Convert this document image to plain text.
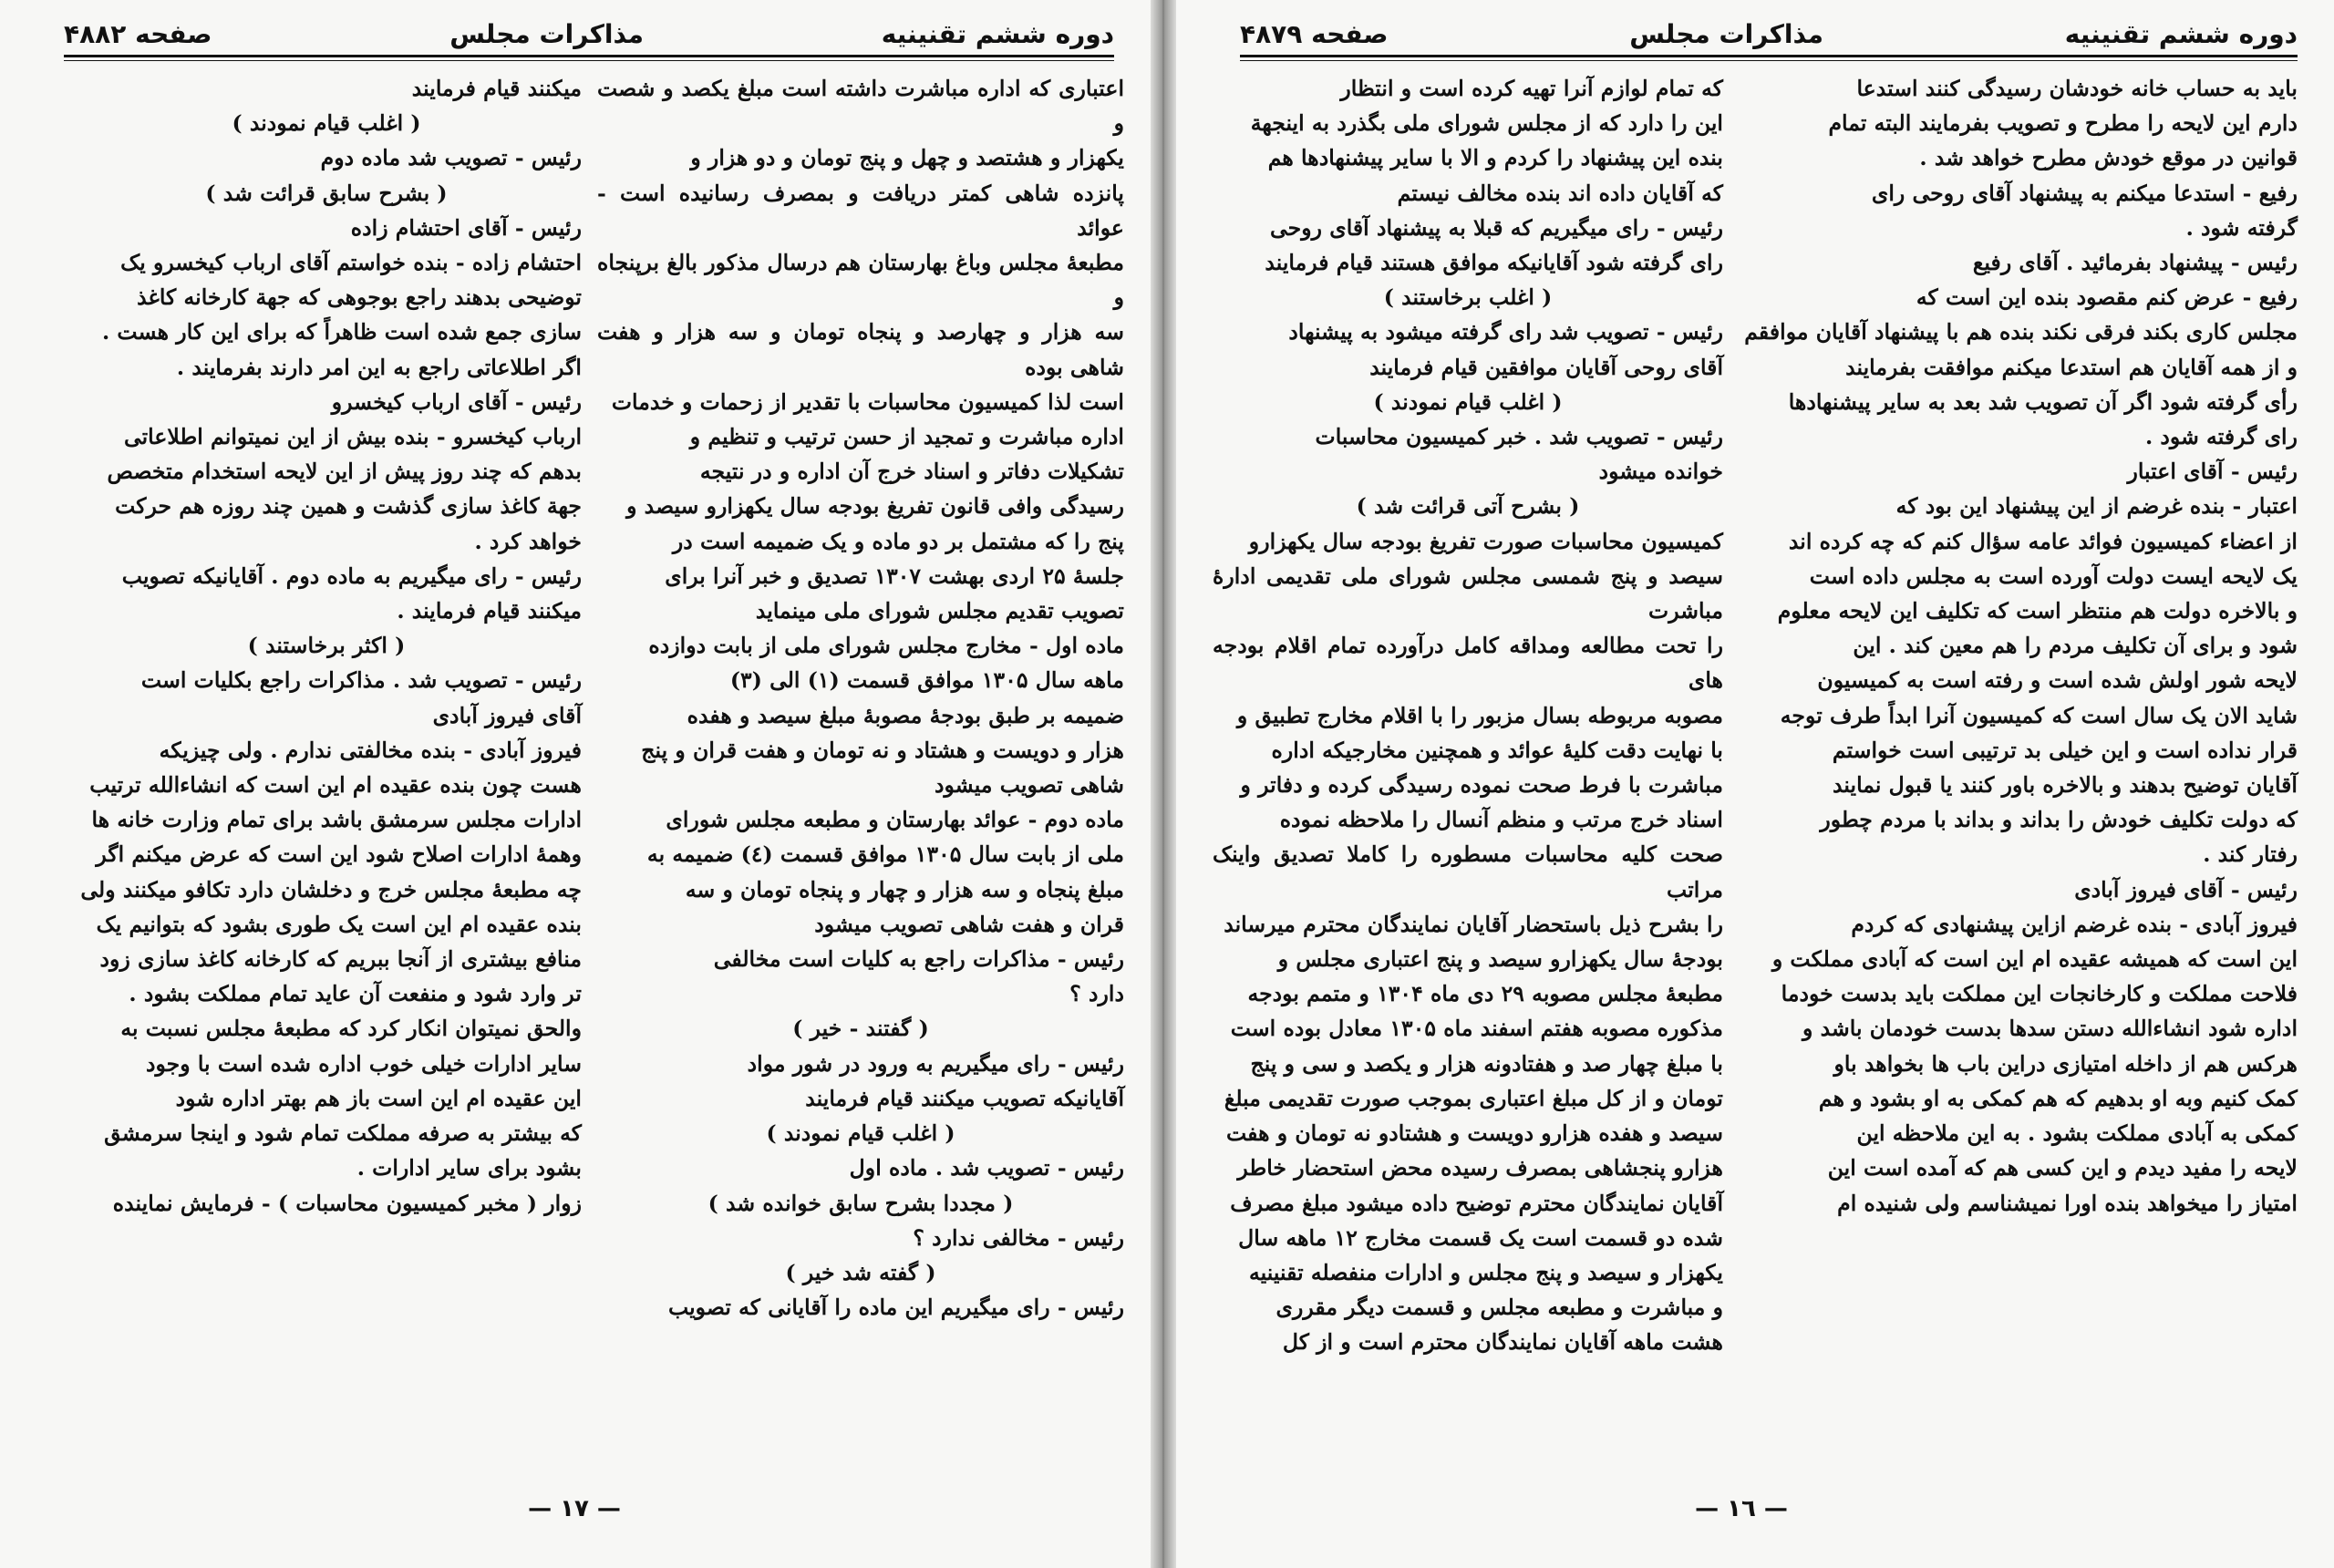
دوره ششم تقنینیه
مذاکرات مجلس
صفحه ۴۸۸۲

اعتباری که اداره مباشرت داشته است مبلغ یکصد و شصت و

یکهزار و هشتصد و چهل و پنج تومان و دو هزار و

پانزده شاهی کمتر دریافت و بمصرف رسانیده است - عوائد

مطبعهٔ مجلس وباغ بهارستان هم درسال مذکور بالغ برپنجاه و

سه هزار و چهارصد و پنجاه تومان و سه هزار و هفت شاهی بوده

است لذا کمیسیون محاسبات با تقدیر از زحمات و خدمات

اداره مباشرت و تمجید از حسن ترتیب و تنظیم و

تشکیلات دفاتر و اسناد خرج آن اداره و در نتیجه

رسیدگی وافی قانون تفریغ بودجه سال یکهزارو سیصد و

پنج را که مشتمل بر دو ماده و یک ضمیمه است در

جلسهٔ ۲۵ اردی بهشت ۱۳۰۷ تصدیق و خبر آنرا برای

تصویب تقدیم مجلس شورای ملی مینماید

ماده اول - مخارج مجلس شورای ملی از بابت دوازده

ماهه سال ۱۳۰۵ موافق قسمت (۱) الی (۳)

ضمیمه بر طبق بودجهٔ مصوبهٔ مبلغ سیصد و هفده

هزار و دویست و هشتاد و نه تومان و هفت قران و پنج

شاهی تصویب میشود

ماده دوم - عوائد بهارستان و مطبعه مجلس شورای

ملی از بابت سال ۱۳۰۵ موافق قسمت (٤) ضمیمه به

مبلغ پنجاه و سه هزار و چهار و پنجاه تومان و سه

قران و هفت شاهی تصویب میشود

رئیس - مذاکرات راجع به کلیات است مخالفی

دارد ؟

( گفتند - خیر )

رئیس - رای میگیریم به ورود در شور مواد

آقایانیکه تصویب میکنند قیام فرمایند

( اغلب قیام نمودند )

رئیس - تصویب شد . ماده اول

( مجددا بشرح سابق خوانده شد )

رئیس - مخالفی ندارد ؟

( گفته شد خیر )

رئیس - رای میگیریم این ماده را آقایانی که تصویب

میکنند قیام فرمایند

( اغلب قیام نمودند )

رئیس - تصویب شد ماده دوم

( بشرح سابق قرائت شد )

رئیس - آقای احتشام زاده

احتشام زاده - بنده خواستم آقای ارباب کیخسرو یک

توضیحی بدهند راجع بوجوهی که جهة کارخانه کاغذ

سازی جمع شده است ظاهراً که برای این کار هست .

اگر اطلاعاتی راجع به این امر دارند بفرمایند .

رئیس - آقای ارباب کیخسرو

ارباب کیخسرو - بنده بیش از این نمیتوانم اطلاعاتی

بدهم که چند روز پیش از این لایحه استخدام متخصص

جهة کاغذ سازی گذشت و همین چند روزه هم حرکت

خواهد کرد .

رئیس - رای میگیریم به ماده دوم . آقایانیکه تصویب

میکنند قیام فرمایند .

( اکثر برخاستند )

رئیس - تصویب شد . مذاکرات راجع بکلیات است

آقای فیروز آبادی

فیروز آبادی - بنده مخالفتی ندارم . ولی چیزیکه

هست چون بنده عقیده ام این است که انشاءالله ترتیب

ادارات مجلس سرمشق باشد برای تمام وزارت خانه ها

وهمهٔ ادارات اصلاح شود این است که عرض میکنم اگر

چه مطبعهٔ مجلس خرج و دخلشان دارد تکافو میکنند ولی

بنده عقیده ام این است یک طوری بشود که بتوانیم یک

منافع بیشتری از آنجا ببریم که کارخانه کاغذ سازی زود

تر وارد شود و منفعت آن عاید تمام مملکت بشود .

والحق نمیتوان انکار کرد که مطبعهٔ مجلس نسبت به

سایر ادارات خیلی خوب اداره شده است با وجود

این عقیده ام این است باز هم بهتر اداره شود

که بیشتر به صرفه مملکت تمام شود و اینجا سرمشق

بشود برای سایر ادارات .

زوار ( مخبر کمیسیون محاسبات ) - فرمایش نماینده

— ١٧ —
دوره ششم تقنینیه
مذاکرات مجلس
صفحه ۴۸۷۹

باید به حساب خانه خودشان رسیدگی کنند استدعا

دارم این لایحه را مطرح و تصویب بفرمایند البته تمام

قوانین در موقع خودش مطرح خواهد شد .

رفیع - استدعا میکنم به پیشنهاد آقای روحی رای

گرفته شود .

رئیس - پیشنهاد بفرمائید . آقای رفیع

رفیع - عرض کنم مقصود بنده این است که

مجلس کاری بکند فرقی نکند بنده هم با پیشنهاد آقایان موافقم

و از همه آقایان هم استدعا میکنم موافقت بفرمایند

رأی گرفته شود اگر آن تصویب شد بعد به سایر پیشنهادها

رای گرفته شود .

رئیس - آقای اعتبار

اعتبار - بنده غرضم از این پیشنهاد این بود که

از اعضاء کمیسیون فوائد عامه سؤال کنم که چه کرده اند

یک لایحه ایست دولت آورده است به مجلس داده است

و بالاخره دولت هم منتظر است که تکلیف این لایحه معلوم

شود و برای آن تکلیف مردم را هم معین کند . این

لایحه شور اولش شده است و رفته است به کمیسیون

شاید الان یک سال است که کمیسیون آنرا ابداً طرف توجه

قرار نداده است و این خیلی بد ترتیبی است خواستم

آقایان توضیح بدهند و بالاخره باور کنند یا قبول نمایند

که دولت تکلیف خودش را بداند و بداند با مردم چطور

رفتار کند .

رئیس - آقای فیروز آبادی

فیروز آبادی - بنده غرضم ازاین پیشنهادی که کردم

این است که همیشه عقیده ام این است که آبادی مملکت و

فلاحت مملکت و کارخانجات این مملکت باید بدست خودما

اداره شود انشاءالله دستن سدها بدست خودمان باشد و

هرکس هم از داخله امتیازی دراین باب ها بخواهد باو

کمک کنیم وبه او بدهیم که هم کمکی به او بشود و هم

کمکی به آبادی مملکت بشود . به این ملاحظه این

لایحه را مفید دیدم و این کسی هم که آمده است این

امتیاز را میخواهد بنده اورا نمیشناسم ولی شنیده ام

که تمام لوازم آنرا تهیه کرده است و انتظار

این را دارد که از مجلس شورای ملی بگذرد به اینجهة

بنده این پیشنهاد را کردم و الا با سایر پیشنهادها هم

که آقایان داده اند بنده مخالف نیستم

رئیس - رای میگیریم که قبلا به پیشنهاد آقای روحی

رای گرفته شود آقایانیکه موافق هستند قیام فرمایند

( اغلب برخاستند )

رئیس - تصویب شد رای گرفته میشود به پیشنهاد

آقای روحی آقایان موافقین قیام فرمایند

( اغلب قیام نمودند )

رئیس - تصویب شد . خبر کمیسیون محاسبات

خوانده میشود

( بشرح آتی قرائت شد )

کمیسیون محاسبات صورت تفریغ بودجه سال یکهزارو

سیصد و پنج شمسی مجلس شورای ملی تقدیمی ادارهٔ مباشرت

را تحت مطالعه ومداقه کامل درآورده تمام اقلام بودجه های

مصوبه مربوطه بسال مزبور را با اقلام مخارج تطبیق و

با نهایت دقت کلیهٔ عوائد و همچنین مخارجیکه اداره

مباشرت با فرط صحت نموده رسیدگی کرده و دفاتر و

اسناد خرج مرتب و منظم آنسال را ملاحظه نموده

صحت کلیه محاسبات مسطوره را کاملا تصدیق واینک مراتب

را بشرح ذیل باستحضار آقایان نمایندگان محترم میرساند

بودجهٔ سال یکهزارو سیصد و پنج اعتباری مجلس و

مطبعهٔ مجلس مصوبه ۲۹ دی ماه ۱۳۰۴ و متمم بودجه

مذکوره مصوبه هفتم اسفند ماه ۱۳۰۵ معادل بوده است

با مبلغ چهار صد و هفتادونه هزار و یکصد و سی و پنج

تومان و از کل مبلغ اعتباری بموجب صورت تقدیمی مبلغ

سیصد و هفده هزارو دویست و هشتادو نه تومان و هفت

هزارو پنجشاهی بمصرف رسیده محض استحضار خاطر

آقایان نمایندگان محترم توضیح داده میشود مبلغ مصرف

شده دو قسمت است یک قسمت مخارج ۱۲ ماهه سال

یکهزار و سیصد و پنج مجلس و ادارات منفصله تقنینیه

و مباشرت و مطبعه مجلس و قسمت دیگر مقرری

هشت ماهه آقایان نمایندگان محترم است و از کل

— ١٦ —
